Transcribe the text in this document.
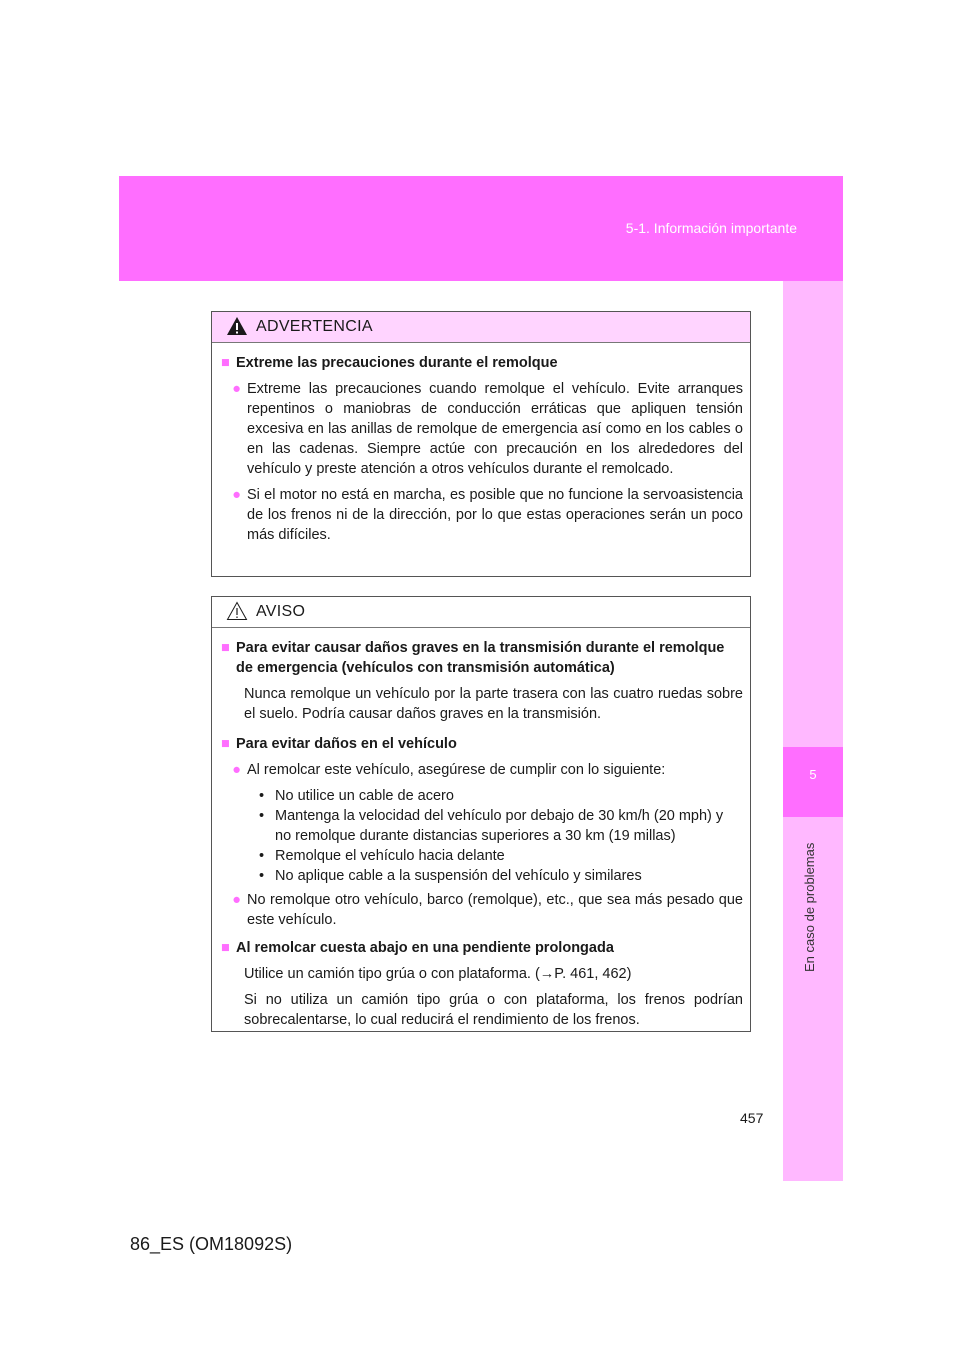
5-1. Información importante
5
En caso de problemas
ADVERTENCIA
■ Extreme las precauciones durante el remolque
● Extreme las precauciones cuando remolque el vehículo. Evite arranques repentinos o maniobras de conducción erráticas que apliquen tensión excesiva en las anillas de remolque de emergencia así como en los cables o en las cadenas. Siempre actúe con precaución en los alrededores del vehículo y preste atención a otros vehículos durante el remolcado.
● Si el motor no está en marcha, es posible que no funcione la servoasistencia de los frenos ni de la dirección, por lo que estas operaciones serán un poco más difíciles.
AVISO
■ Para evitar causar daños graves en la transmisión durante el remolque de emergencia (vehículos con transmisión automática)
Nunca remolque un vehículo por la parte trasera con las cuatro ruedas sobre el suelo. Podría causar daños graves en la transmisión.
■ Para evitar daños en el vehículo
● Al remolcar este vehículo, asegúrese de cumplir con lo siguiente:
• No utilice un cable de acero
• Mantenga la velocidad del vehículo por debajo de 30 km/h (20 mph) y no remolque durante distancias superiores a 30 km (19 millas)
• Remolque el vehículo hacia delante
• No aplique cable a la suspensión del vehículo y similares
● No remolque otro vehículo, barco (remolque), etc., que sea más pesado que este vehículo.
■ Al remolcar cuesta abajo en una pendiente prolongada
Utilice un camión tipo grúa o con plataforma. (→P. 461, 462)
Si no utiliza un camión tipo grúa o con plataforma, los frenos podrían sobrecalentarse, lo cual reducirá el rendimiento de los frenos.
457
86_ES (OM18092S)
